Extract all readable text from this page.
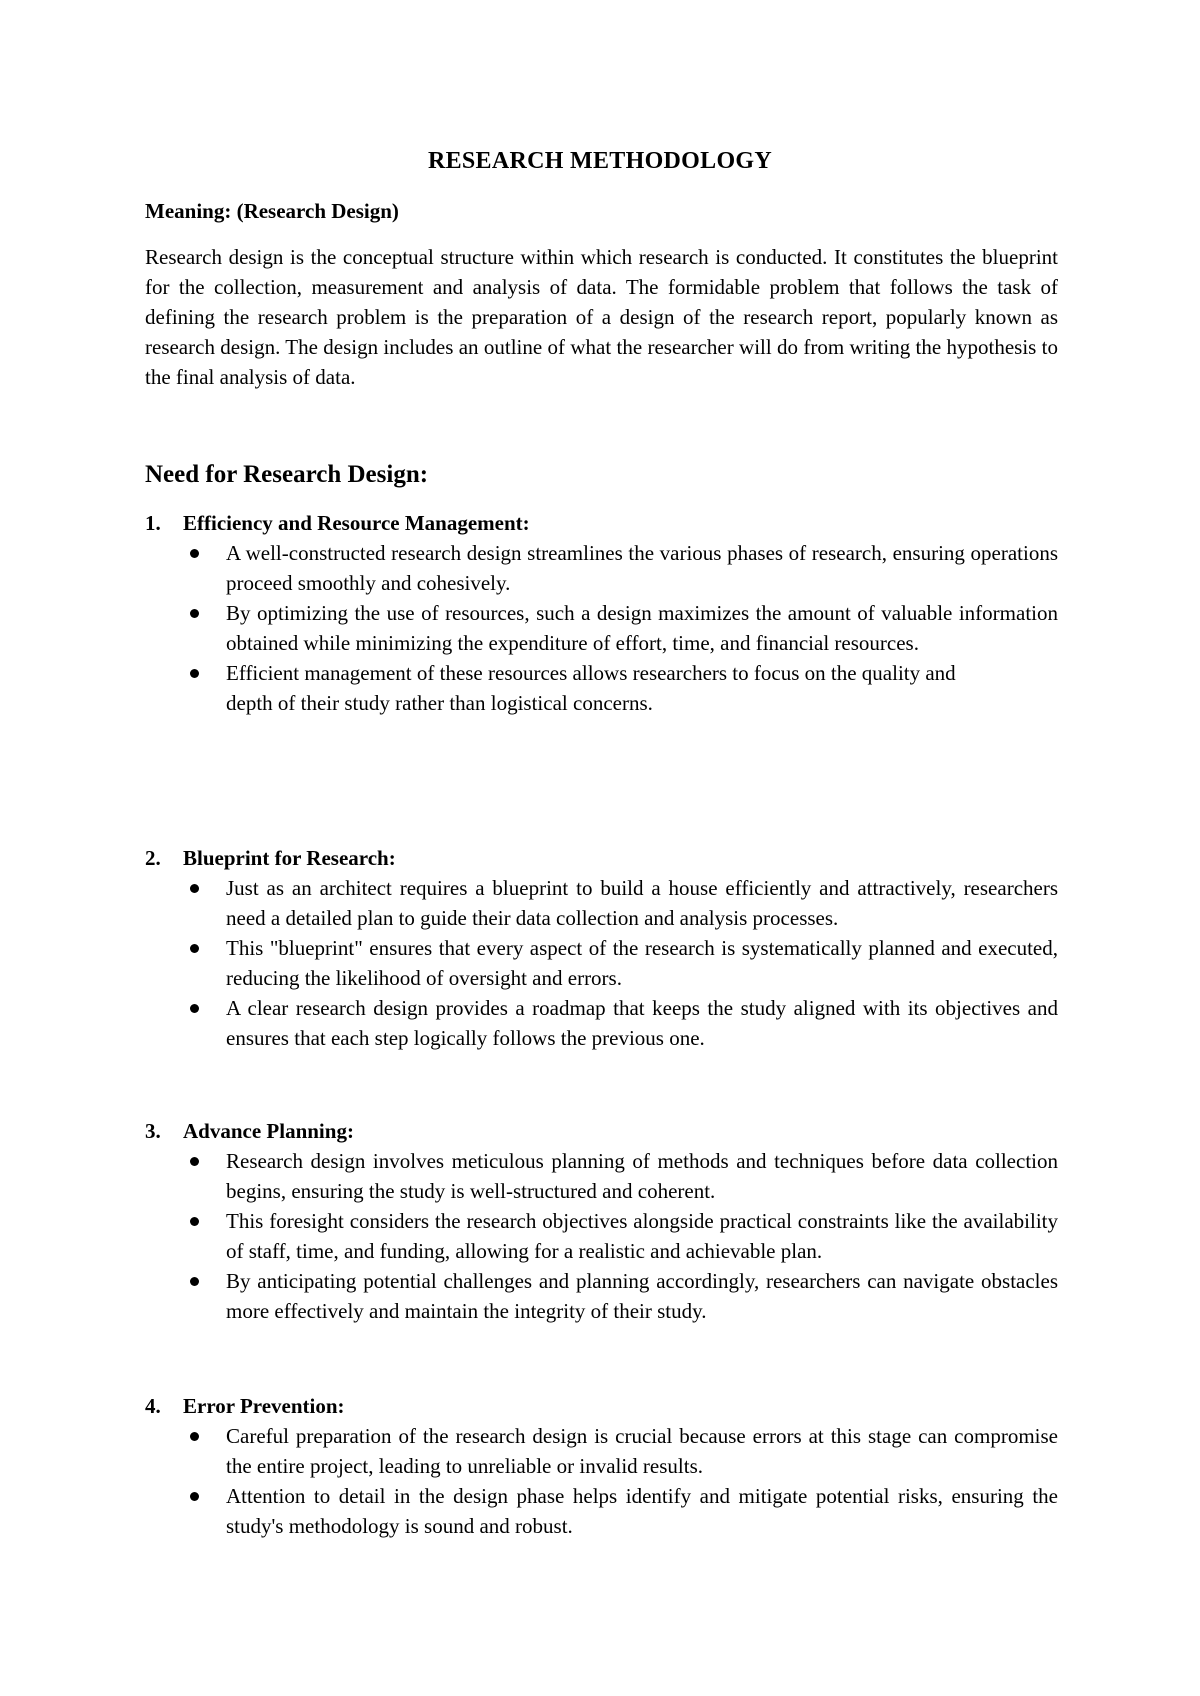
RESEARCH METHODOLOGY
Meaning: (Research Design)

Research design is the conceptual structure within which research is conducted. It constitutes the blueprint for the collection, measurement and analysis of data. The formidable problem that follows the task of defining the research problem is the preparation of a design of the research report, popularly known as research design. The design includes an outline of what the researcher will do from writing the hypothesis to the final analysis of data.

Need for Research Design:
1. Efficiency and Resource Management:
A well-constructed research design streamlines the various phases of research, ensuring operations proceed smoothly and cohesively.
By optimizing the use of resources, such a design maximizes the amount of valuable information obtained while minimizing the expenditure of effort, time, and financial resources.
Efficient management of these resources allows researchers to focus on the quality and
depth of their study rather than logistical concerns.
2. Blueprint for Research:
Just as an architect requires a blueprint to build a house efficiently and attractively, researchers need a detailed plan to guide their data collection and analysis processes.
This "blueprint" ensures that every aspect of the research is systematically planned and executed, reducing the likelihood of oversight and errors.
A clear research design provides a roadmap that keeps the study aligned with its objectives and ensures that each step logically follows the previous one.
3. Advance Planning:
Research design involves meticulous planning of methods and techniques before data collection begins, ensuring the study is well-structured and coherent.
This foresight considers the research objectives alongside practical constraints like the availability of staff, time, and funding, allowing for a realistic and achievable plan.
By anticipating potential challenges and planning accordingly, researchers can navigate obstacles more effectively and maintain the integrity of their study.
4. Error Prevention:
Careful preparation of the research design is crucial because errors at this stage can compromise the entire project, leading to unreliable or invalid results.
Attention to detail in the design phase helps identify and mitigate potential risks, ensuring the study's methodology is sound and robust.
